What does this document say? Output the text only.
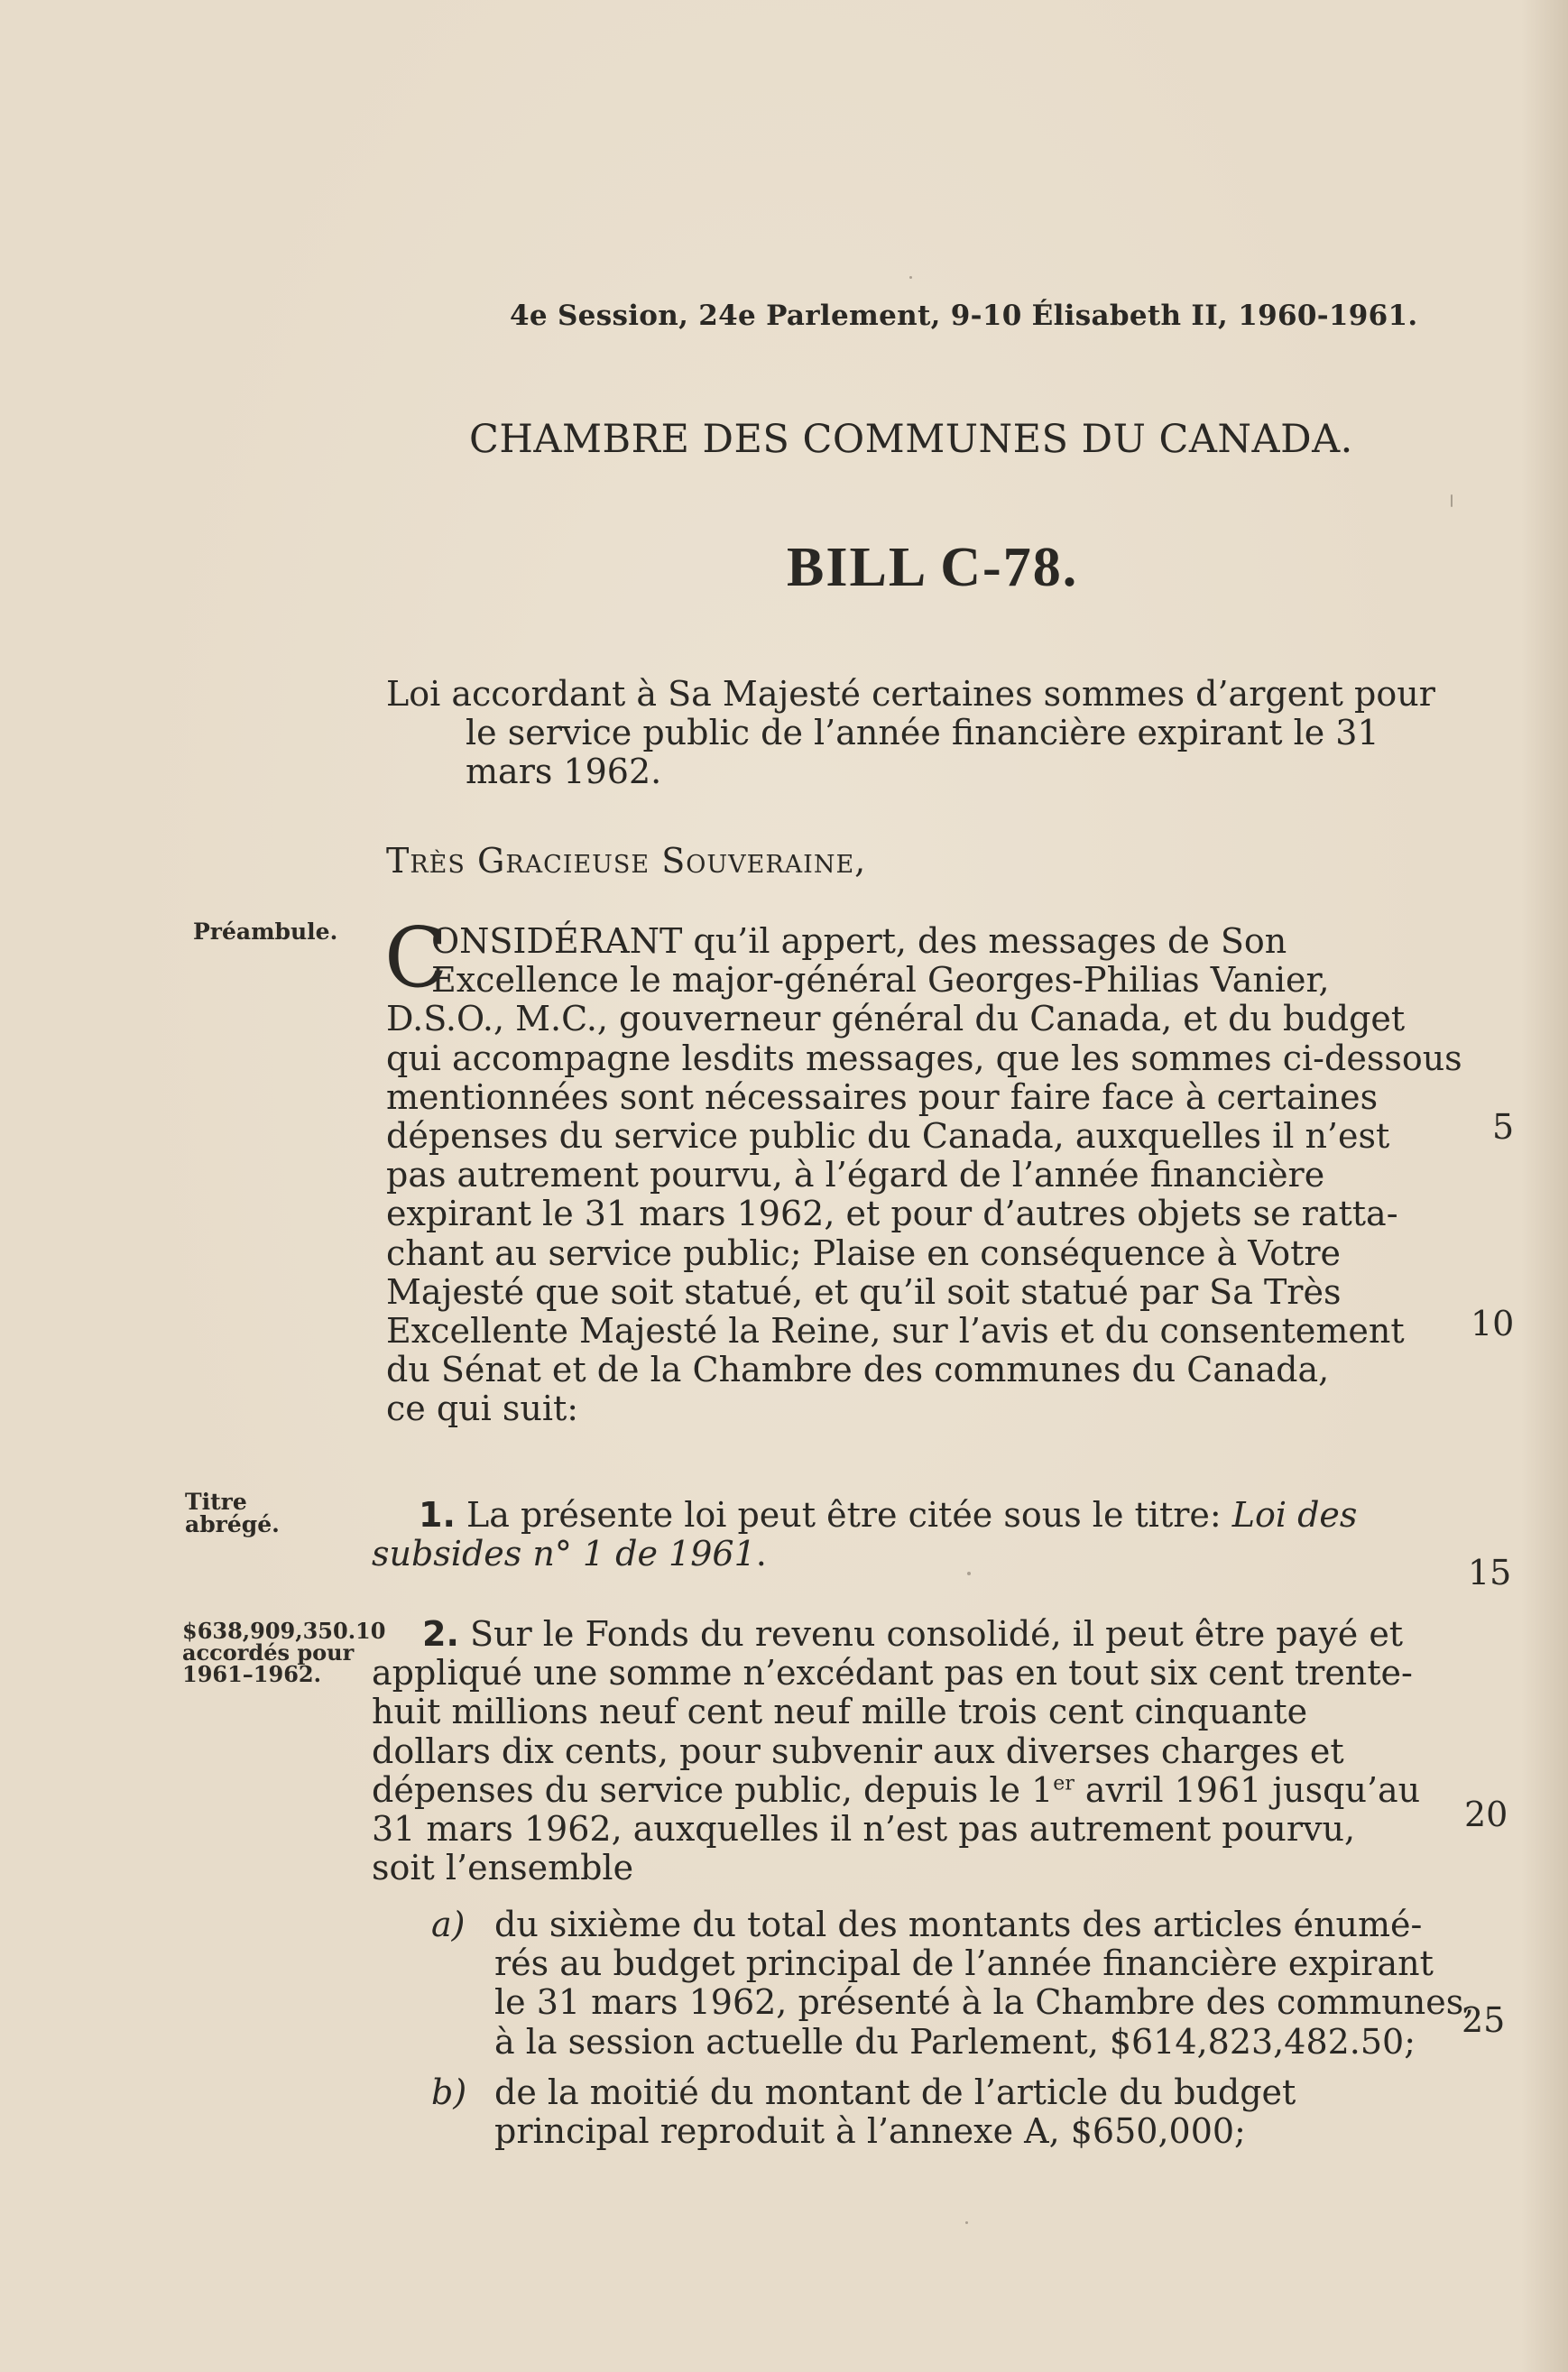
4e Session, 24e Parlement, 9-10 Élisabeth II, 1960-1961.
CHAMBRE DES COMMUNES DU CANADA.
BILL C-78.
Loi accordant à Sa Majesté certaines sommes d’argent pour
le service public de l’année financière expirant le 31
mars 1962.
Très Gracieuse Souveraine,
Préambule.
Titre
abrégé.
$638,909,350.10
accordés pour
1961–1962.
C
ONSIDÉRANT qu’il appert, des messages de Son
Excellence le major-général Georges-Philias Vanier,
D.S.O., M.C., gouverneur général du Canada, et du budget
qui accompagne lesdits messages, que les sommes ci-dessous
mentionnées sont nécessaires pour faire face à certaines
dépenses du service public du Canada, auxquelles il n’est
pas autrement pourvu, à l’égard de l’année financière
expirant le 31 mars 1962, et pour d’autres objets se ratta-
chant au service public; Plaise en conséquence à Votre
Majesté que soit statué, et qu’il soit statué par Sa Très
Excellente Majesté la Reine, sur l’avis et du consentement
du Sénat et de la Chambre des communes du Canada,
ce qui suit:
1. La présente loi peut être citée sous le titre: Loi des
subsides n° 1 de 1961.
2. Sur le Fonds du revenu consolidé, il peut être payé et
appliqué une somme n’excédant pas en tout six cent trente-
huit millions neuf cent neuf mille trois cent cinquante
dollars dix cents, pour subvenir aux diverses charges et
dépenses du service public, depuis le 1er avril 1961 jusqu’au
31 mars 1962, auxquelles il n’est pas autrement pourvu,
soit l’ensemble
a) du sixième du total des montants des articles énumé-
rés au budget principal de l’année financière expirant
le 31 mars 1962, présenté à la Chambre des communes,
à la session actuelle du Parlement, $614,823,482.50;
b) de la moitié du montant de l’article du budget
principal reproduit à l’annexe A, $650,000;
5
10
15
20
25
